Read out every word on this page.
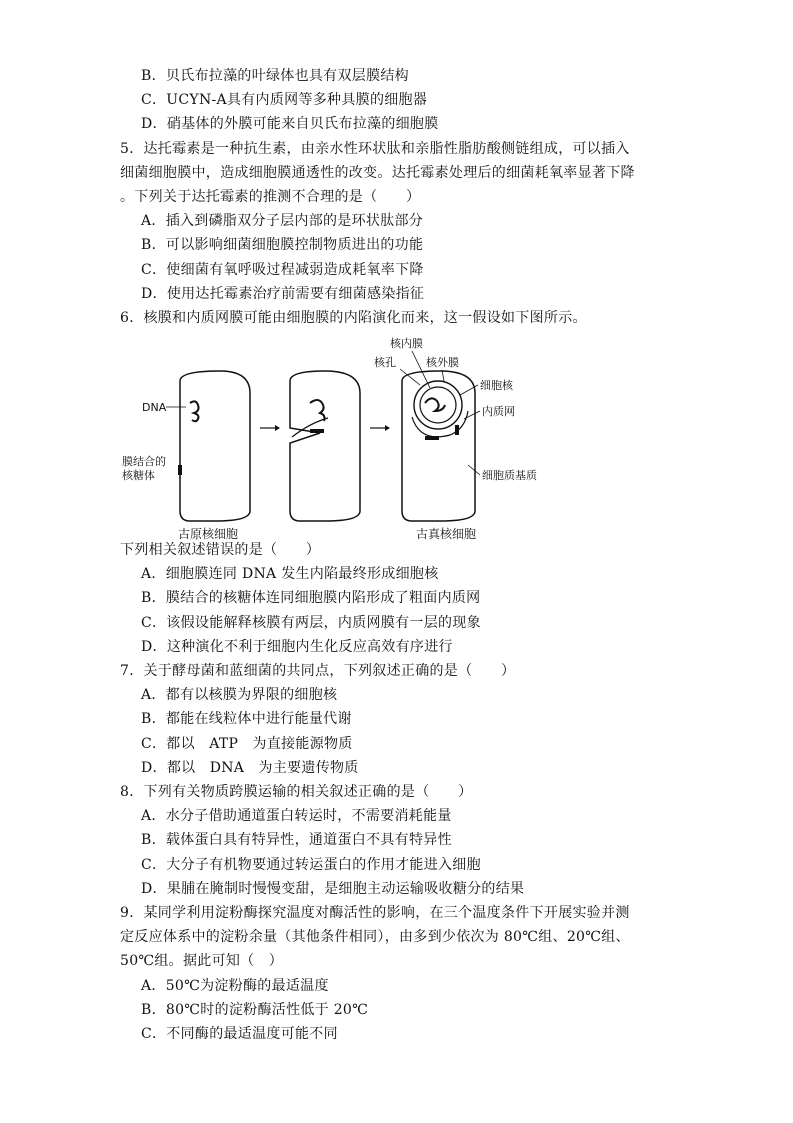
B．贝氏布拉藻的叶绿体也具有双层膜结构
C．UCYN-A具有内质网等多种具膜的细胞器
D．硝基体的外膜可能来自贝氏布拉藻的细胞膜
5．达托霉素是一种抗生素，由亲水性环状肽和亲脂性脂肪酸侧链组成，可以插入
细菌细胞膜中，造成细胞膜通透性的改变。达托霉素处理后的细菌耗氧率显著下降
。下列关于达托霉素的推测不合理的是（　　）
A．插入到磷脂双分子层内部的是环状肽部分
B．可以影响细菌细胞膜控制物质进出的功能
C．使细菌有氧呼吸过程减弱造成耗氧率下降
D．使用达托霉素治疗前需要有细菌感染指征
6．核膜和内质网膜可能由细胞膜的内陷演化而来，这一假设如下图所示。
DNA
膜结合的
核糖体
核内膜
核孔	核外膜
细胞核
内质网
细胞质基质
古原核细胞	古真核细胞
下列相关叙述错误的是（　　）
A．细胞膜连同 DNA 发生内陷最终形成细胞核
B．膜结合的核糖体连同细胞膜内陷形成了粗面内质网
C．该假设能解释核膜有两层，内质网膜有一层的现象
D．这种演化不利于细胞内生化反应高效有序进行
7．关于酵母菌和蓝细菌的共同点，下列叙述正确的是（　　）
A．都有以核膜为界限的细胞核
B．都能在线粒体中进行能量代谢
C．都以　ATP　为直接能源物质
D．都以　DNA　为主要遗传物质
8．下列有关物质跨膜运输的相关叙述正确的是（　　）
A．水分子借助通道蛋白转运时，不需要消耗能量
B．载体蛋白具有特异性，通道蛋白不具有特异性
C．大分子有机物要通过转运蛋白的作用才能进入细胞
D．果脯在腌制时慢慢变甜，是细胞主动运输吸收糖分的结果
9．某同学利用淀粉酶探究温度对酶活性的影响，在三个温度条件下开展实验并测
定反应体系中的淀粉余量（其他条件相同），由多到少依次为 80℃组、20℃组、
50℃组。据此可知（　）
A．50℃为淀粉酶的最适温度
B．80℃时的淀粉酶活性低于 20℃
C．不同酶的最适温度可能不同
